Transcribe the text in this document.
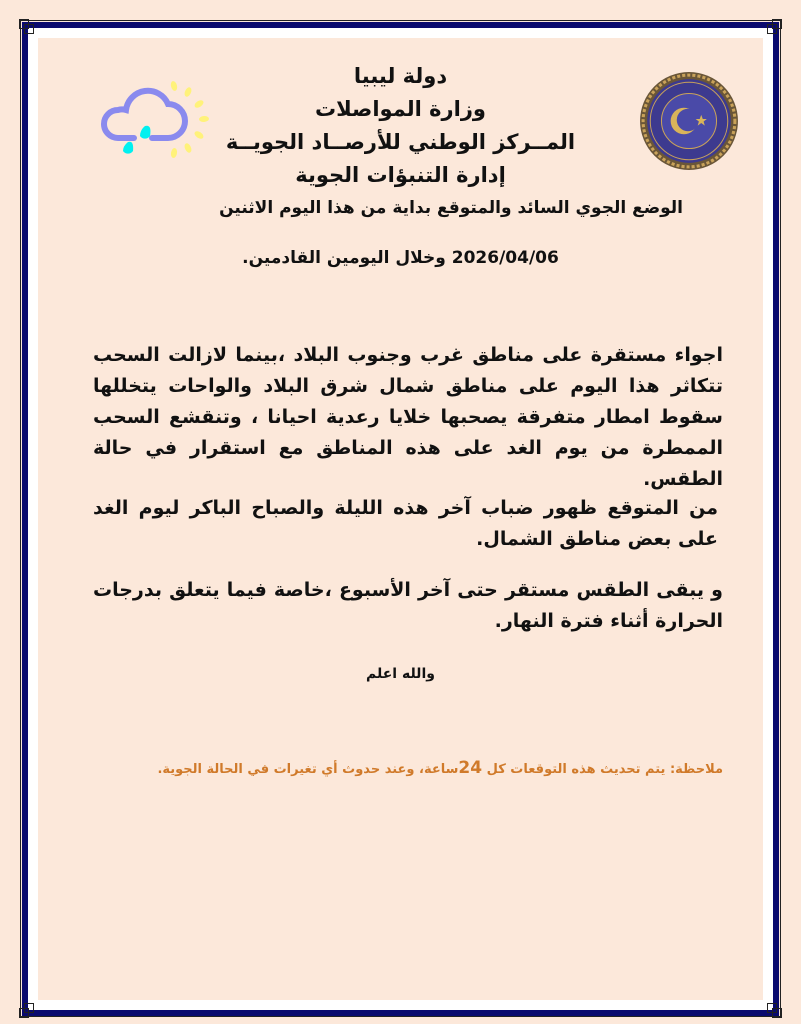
دولة ليبيا
وزارة المواصلات
المــركز الوطني للأرصــاد الجويــة
إدارة التنبؤات الجوية
الوضع الجوي السائد والمتوقع بداية من هذا اليوم الاثنين
2026/04/06 وخلال اليومين القادمين.
اجواء مستقرة على مناطق غرب وجنوب البلاد ،بينما لازالت السحب تتكاثر هذا اليوم على مناطق شمال شرق البلاد والواحات يتخللها سقوط امطار متفرقة يصحبها خلايا رعدية احيانا ، وتنقشع السحب الممطرة من يوم الغد على هذه المناطق مع استقرار في حالة الطقس.
من المتوقع ظهور ضباب آخر هذه الليلة والصباح الباكر ليوم الغد على بعض مناطق الشمال.
و يبقى الطقس مستقر حتى آخر الأسبوع ،خاصة فيما يتعلق بدرجات الحرارة أثناء فترة النهار.
والله اعلم
ملاحظة: يتم تحديث هذه التوقعات كل 24ساعة، وعند حدوث أي تغيرات في الحالة الجوية.
